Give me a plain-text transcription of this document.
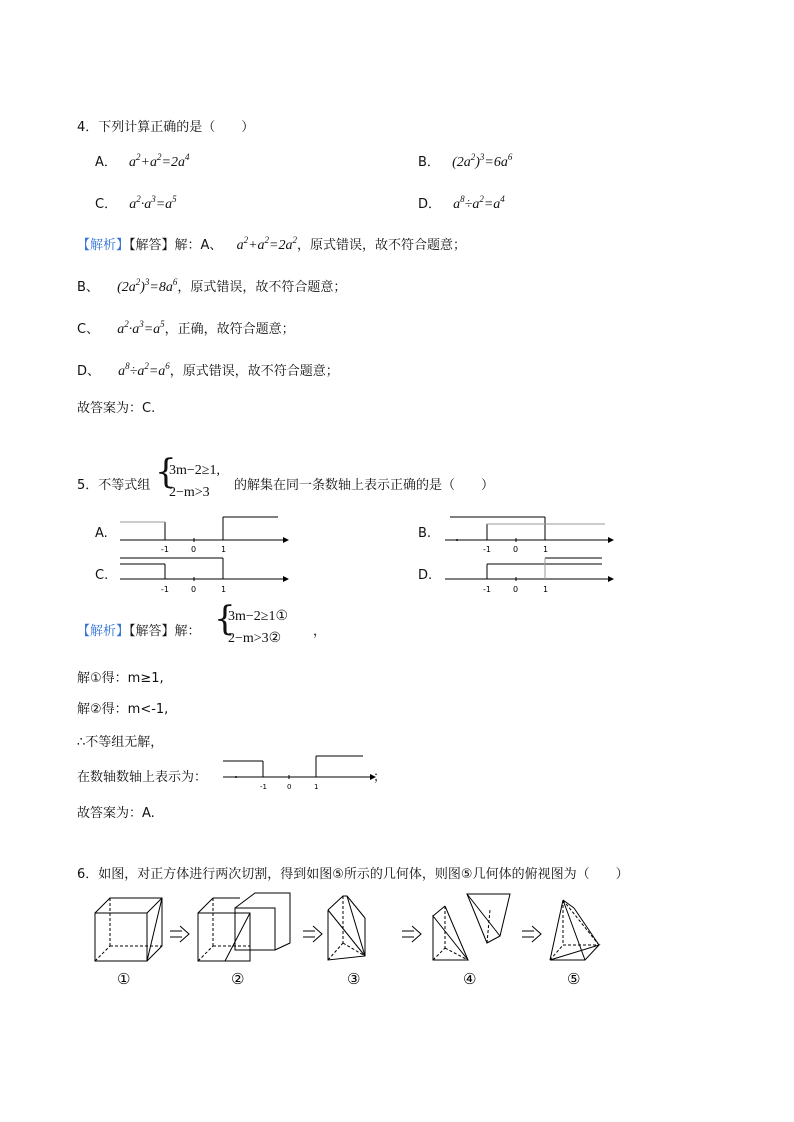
4．下列计算正确的是（　　）
A． $a^2+a^2=2a^4$	B． $(2a^2)^3=6a^6$
C． $a^2\cdot a^3=a^5$	D． $a^8\div a^2=a^4$
【解析】【解答】解：A、 $a^2+a^2=2a^2$，原式错误，故不符合题意；
B、 $(2a^2)^3=8a^6$，原式错误，故不符合题意；
C、 $a^2\cdot a^3=a^5$，正确，故符合题意；
D、 $a^8\div a^2=a^6$，原式错误，故不符合题意；
故答案为：C.
5．不等式组 {
3m−2≥1,
2−m>3	的解集在同一条数轴上表示正确的是（　　）
A.	B.
C.	D.
-1	0	1	-1	0	1
-1	0	1	-1	0	1
【解析】【解答】解： {
3m−2≥1①
2−m>3②	，
解①得：m≥1,
解②得：m<-1,
∴不等组无解，
在数轴数轴上表示为：
-1	0	1
；
故答案为：A.
6．如图，对正方体进行两次切割，得到如图⑤所示的几何体，则图⑤几何体的俯视图为（　　）
①	②	③	④	⑤
